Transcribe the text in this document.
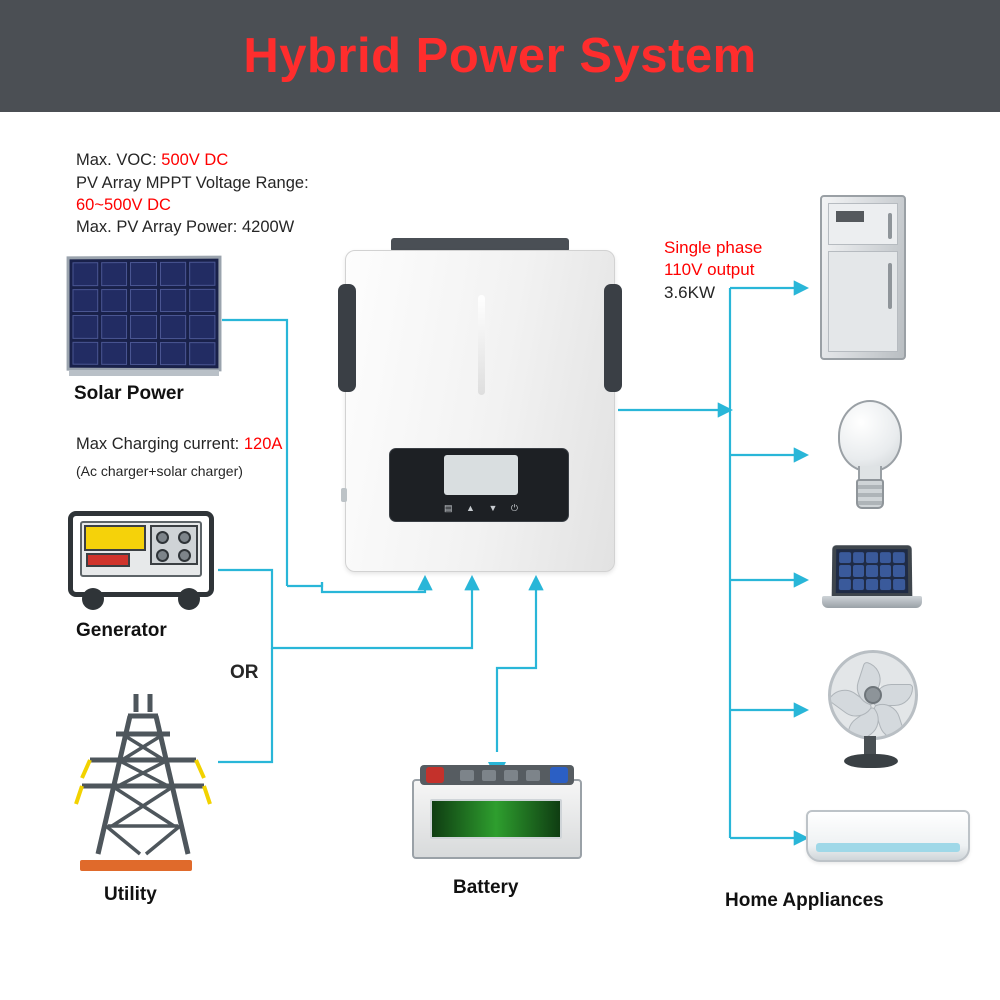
Hybrid Power System
Max. VOC: 500V DC
PV Array MPPT Voltage Range:
60~500V DC
Max. PV Array Power: 4200W
Max Charging current: 120A
(Ac charger+solar charger)
Single phase
110V output
3.6KW
Solar Power
▤ ▲ ▼ ⏻
Generator
OR
Utility	Battery
Home Appliances
